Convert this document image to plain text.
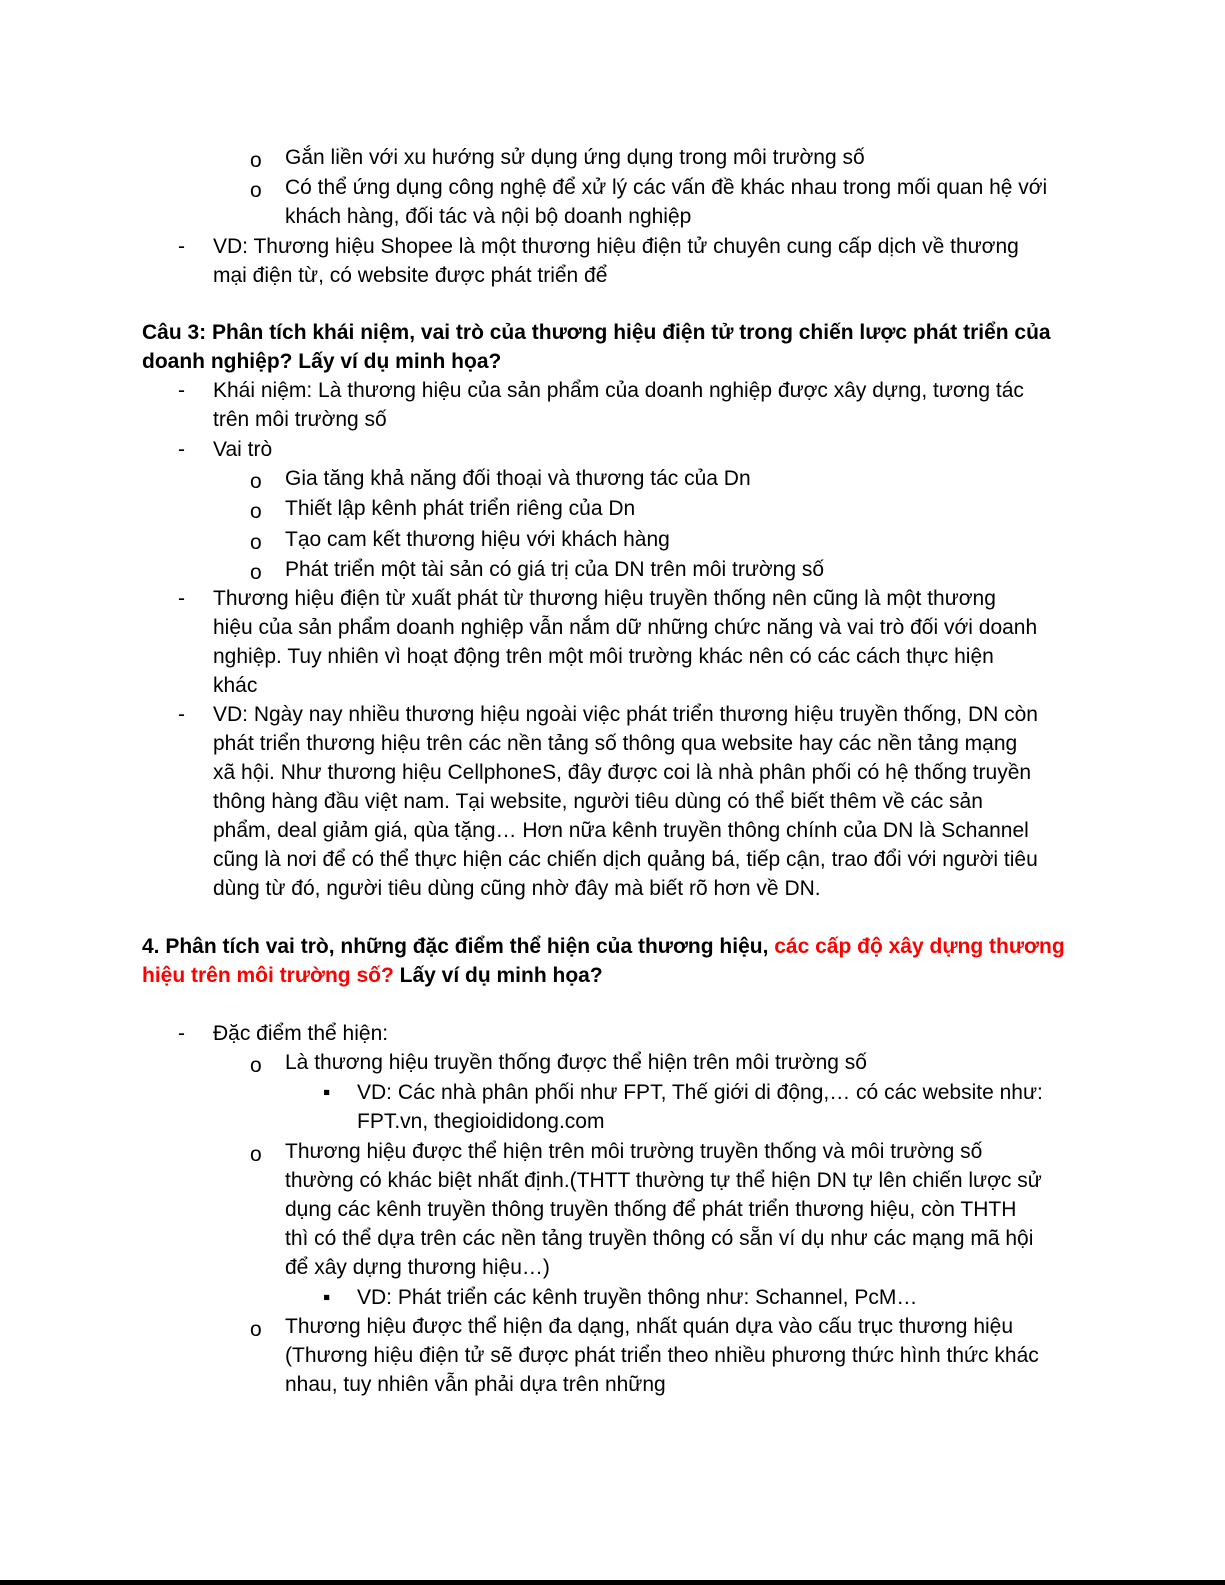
o Gắn liền với xu hướng sử dụng ứng dụng trong môi trường số
o Có thể ứng dụng công nghệ để xử lý các vấn đề khác nhau trong mối quan hệ với
khách hàng, đối tác và nội bộ doanh nghiệp
- VD: Thương hiệu Shopee là một thương hiệu điện tử chuyên cung cấp dịch về thương
mại điện từ, có website được phát triển để
Câu 3: Phân tích khái niệm, vai trò của thương hiệu điện tử trong chiến lược phát triển của
doanh nghiệp? Lấy ví dụ minh họa?
- Khái niệm: Là thương hiệu của sản phẩm của doanh nghiệp được xây dựng, tương tác
trên môi trường số
- Vai trò
o Gia tăng khả năng đối thoại và thương tác của Dn
o Thiết lập kênh phát triển riêng của Dn
o Tạo cam kết thương hiệu với khách hàng
o Phát triển một tài sản có giá trị của DN trên môi trường số
- Thương hiệu điện từ xuất phát từ thương hiệu truyền thống nên cũng là một thương
hiệu của sản phẩm doanh nghiệp vẫn nắm dữ những chức năng và vai trò đối với doanh
nghiệp. Tuy nhiên vì hoạt động trên một môi trường khác nên có các cách thực hiện
khác
- VD: Ngày nay nhiều thương hiệu ngoài việc phát triển thương hiệu truyền thống, DN còn
phát triển thương hiệu trên các nền tảng số thông qua website hay các nền tảng mạng
xã hội. Như thương hiệu CellphoneS, đây được coi là nhà phân phối có hệ thống truyền
thông hàng đầu việt nam. Tại website, người tiêu dùng có thể biết thêm về các sản
phẩm, deal giảm giá, qùa tặng… Hơn nữa kênh truyền thông chính của DN là Schannel
cũng là nơi để có thể thực hiện các chiến dịch quảng bá, tiếp cận, trao đổi với người tiêu
dùng từ đó, người tiêu dùng cũng nhờ đây mà biết rõ hơn về DN.
4. Phân tích vai trò, những đặc điểm thể hiện của thương hiệu, các cấp độ xây dựng thương
hiệu trên môi trường số? Lấy ví dụ minh họa?
- Đặc điểm thể hiện:
o Là thương hiệu truyền thống được thể hiện trên môi trường số
▪ VD: Các nhà phân phối như FPT, Thế giới di động,… có các website như:
FPT.vn, thegioididong.com
o Thương hiệu được thể hiện trên môi trường truyền thống và môi trường số
thường có khác biệt nhất định.(THTT thường tự thể hiện DN tự lên chiến lược sử
dụng các kênh truyền thông truyền thống để phát triển thương hiệu, còn THTH
thì có thể dựa trên các nền tảng truyền thông có sẵn ví dụ như các mạng mã hội
để xây dựng thương hiệu…)
▪ VD: Phát triển các kênh truyền thông như: Schannel, PcM…
o Thương hiệu được thể hiện đa dạng, nhất quán dựa vào cấu trục thương hiệu
(Thương hiệu điện tử sẽ được phát triển theo nhiều phương thức hình thức khác
nhau, tuy nhiên vẫn phải dựa trên những
